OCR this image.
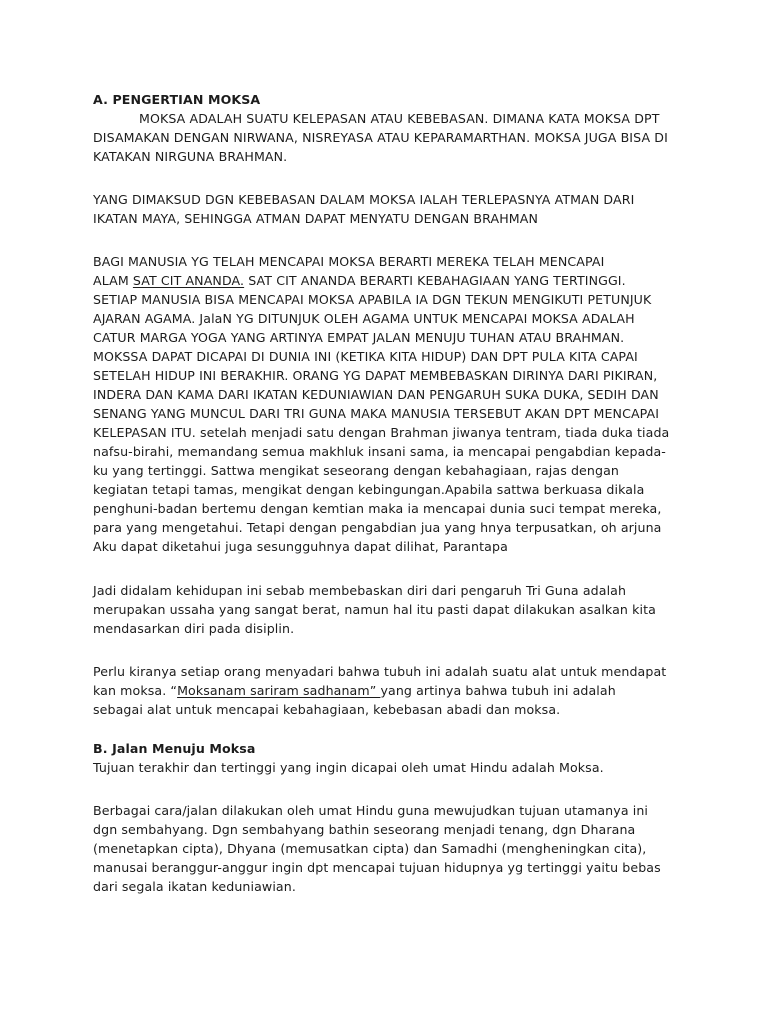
A. PENGERTIAN MOKSA
MOKSA ADALAH SUATU KELEPASAN ATAU KEBEBASAN. DIMANA KATA MOKSA DPT
DISAMAKAN DENGAN NIRWANA, NISREYASA ATAU KEPARAMARTHAN. MOKSA JUGA BISA DI
KATAKAN NIRGUNA BRAHMAN.
YANG DIMAKSUD DGN KEBEBASAN DALAM MOKSA IALAH TERLEPASNYA ATMAN DARI
IKATAN MAYA, SEHINGGA ATMAN DAPAT MENYATU DENGAN BRAHMAN
BAGI MANUSIA YG TELAH MENCAPAI MOKSA BERARTI MEREKA TELAH MENCAPAI
ALAM SAT CIT ANANDA. SAT CIT ANANDA BERARTI KEBAHAGIAAN YANG TERTINGGI.
SETIAP MANUSIA BISA MENCAPAI MOKSA APABILA IA DGN TEKUN MENGIKUTI PETUNJUK
AJARAN AGAMA. JalaN YG DITUNJUK OLEH AGAMA UNTUK MENCAPAI MOKSA ADALAH
CATUR MARGA YOGA YANG ARTINYA EMPAT JALAN MENUJU TUHAN ATAU BRAHMAN.
MOKSSA DAPAT DICAPAI DI DUNIA INI (KETIKA KITA HIDUP) DAN DPT PULA KITA CAPAI
SETELAH HIDUP INI BERAKHIR. ORANG YG DAPAT MEMBEBASKAN DIRINYA DARI PIKIRAN,
INDERA DAN KAMA DARI IKATAN KEDUNIAWIAN DAN PENGARUH SUKA DUKA, SEDIH DAN
SENANG YANG MUNCUL DARI TRI GUNA MAKA MANUSIA TERSEBUT AKAN DPT MENCAPAI
KELEPASAN ITU. setelah menjadi satu dengan Brahman jiwanya tentram, tiada duka tiada
nafsu-birahi, memandang semua makhluk insani sama, ia mencapai pengabdian kepada-
ku yang tertinggi. Sattwa mengikat seseorang dengan kebahagiaan, rajas dengan
kegiatan tetapi tamas, mengikat dengan kebingungan.Apabila sattwa berkuasa dikala
penghuni-badan bertemu dengan kemtian maka ia mencapai dunia suci tempat mereka,
para yang mengetahui. Tetapi dengan pengabdian jua yang hnya terpusatkan, oh arjuna
Aku dapat diketahui juga sesungguhnya dapat dilihat, Parantapa
Jadi didalam kehidupan ini sebab membebaskan diri dari pengaruh Tri Guna adalah
merupakan ussaha yang sangat berat, namun hal itu pasti dapat dilakukan asalkan kita
mendasarkan diri pada disiplin.
Perlu kiranya setiap orang menyadari bahwa tubuh ini adalah suatu alat untuk mendapat
kan moksa. “Moksanam sariram sadhanam” yang artinya bahwa tubuh ini adalah
sebagai alat untuk mencapai kebahagiaan, kebebasan abadi dan moksa.
B. Jalan Menuju Moksa
Tujuan terakhir dan tertinggi yang ingin dicapai oleh umat Hindu adalah Moksa.
Berbagai cara/jalan dilakukan oleh umat Hindu guna mewujudkan tujuan utamanya ini
dgn sembahyang. Dgn sembahyang bathin seseorang menjadi tenang, dgn Dharana
(menetapkan cipta), Dhyana (memusatkan cipta) dan Samadhi (mengheningkan cita),
manusai beranggur-anggur ingin dpt mencapai tujuan hidupnya yg tertinggi yaitu bebas
dari segala ikatan keduniawian.
